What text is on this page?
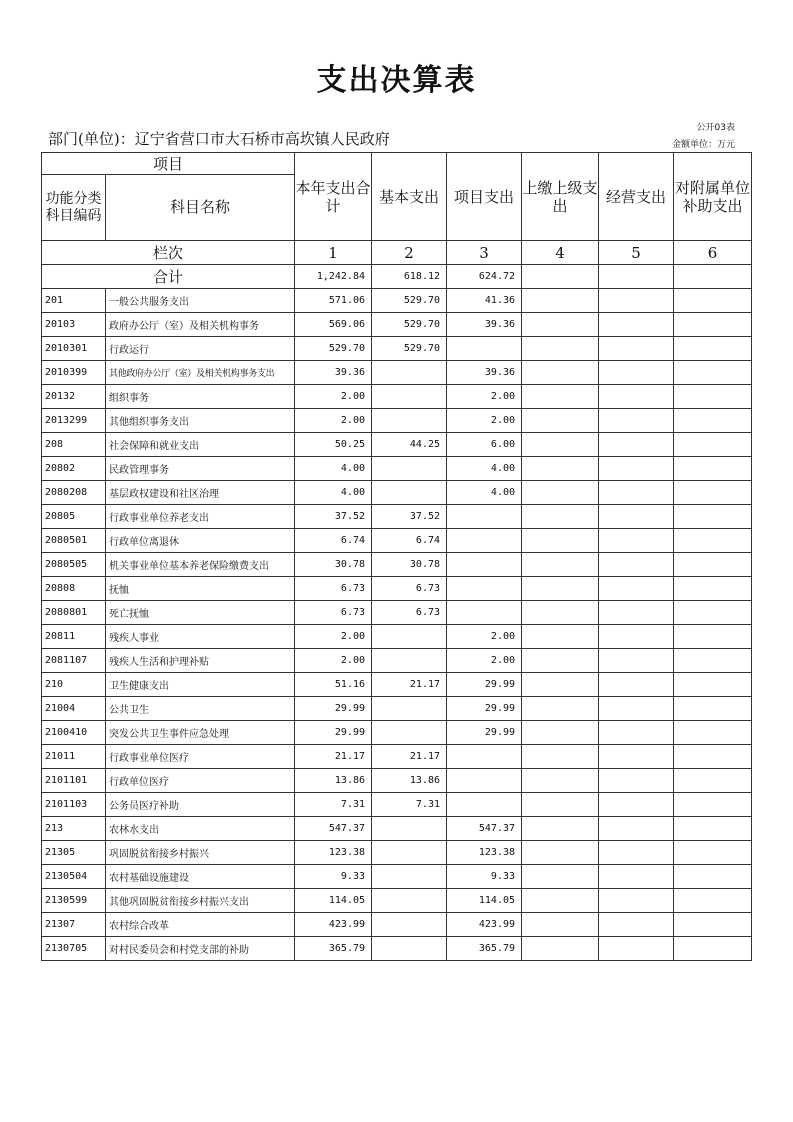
支出决算表
公开03表
部门(单位)：辽宁省营口市大石桥市高坎镇人民政府	金额单位：万元
项目		本年支出合计	基本支出	项目支出	上缴上级支出	经营支出	对附属单位补助支出
功能分类科目编码	科目名称						
栏次		1	2	3	4	5	6
合计		1,242.84	618.12	624.72			
201	一般公共服务支出	571.06	529.70	41.36			
20103	政府办公厅（室）及相关机构事务	569.06	529.70	39.36			
2010301	行政运行	529.70	529.70				
2010399	其他政府办公厅（室）及相关机构事务支出	39.36		39.36			
20132	组织事务	2.00		2.00			
2013299	其他组织事务支出	2.00		2.00			
208	社会保障和就业支出	50.25	44.25	6.00			
20802	民政管理事务	4.00		4.00			
2080208	基层政权建设和社区治理	4.00		4.00			
20805	行政事业单位养老支出	37.52	37.52				
2080501	行政单位离退休	6.74	6.74				
2080505	机关事业单位基本养老保险缴费支出	30.78	30.78				
20808	抚恤	6.73	6.73				
2080801	死亡抚恤	6.73	6.73				
20811	残疾人事业	2.00		2.00			
2081107	残疾人生活和护理补贴	2.00		2.00			
210	卫生健康支出	51.16	21.17	29.99			
21004	公共卫生	29.99		29.99			
2100410	突发公共卫生事件应急处理	29.99		29.99			
21011	行政事业单位医疗	21.17	21.17				
2101101	行政单位医疗	13.86	13.86				
2101103	公务员医疗补助	7.31	7.31				
213	农林水支出	547.37		547.37			
21305	巩固脱贫衔接乡村振兴	123.38		123.38			
2130504	农村基础设施建设	9.33		9.33			
2130599	其他巩固脱贫衔接乡村振兴支出	114.05		114.05			
21307	农村综合改革	423.99		423.99			
2130705	对村民委员会和村党支部的补助	365.79		365.79			
